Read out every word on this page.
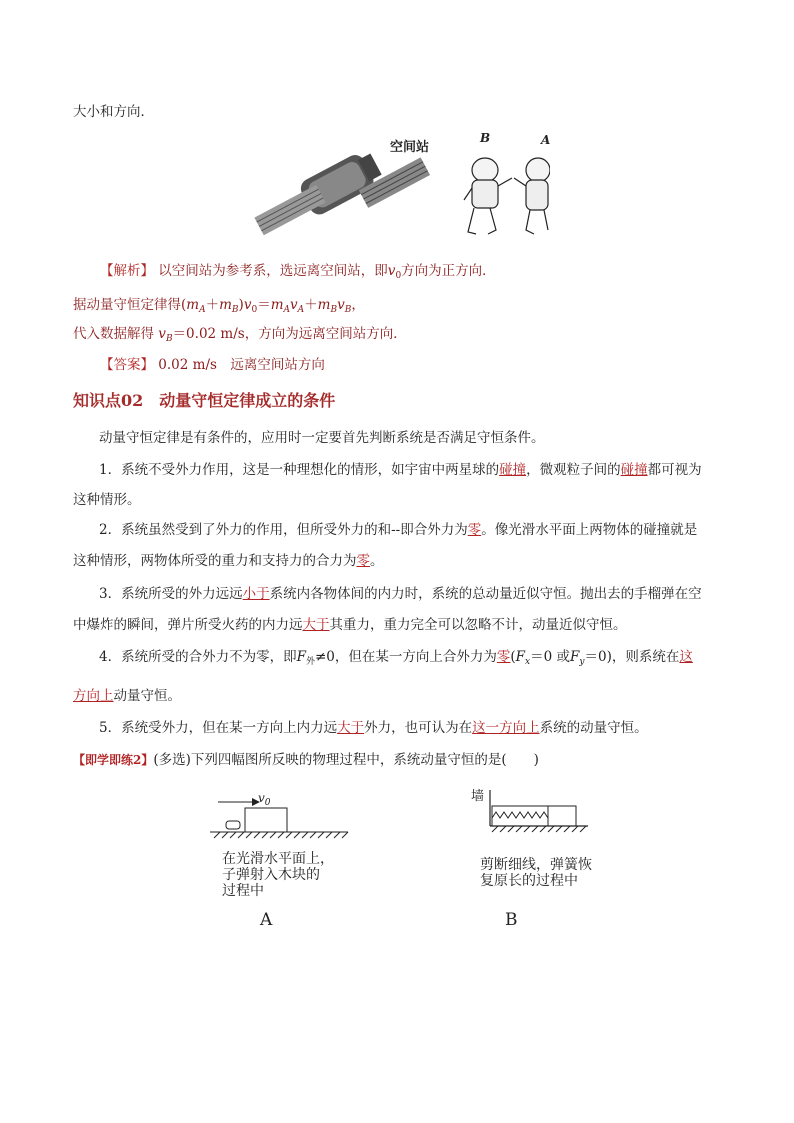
大小和方向．
空间站
B	A
【解析】 以空间站为参考系，选远离空间站，即$v_0$方向为正方向．
据动量守恒定律得$(m_A+m_B)v_0=m_Av_A+m_Bv_B$，
代入数据解得 $v_B=0.02$ m/s，方向为远离空间站方向．
【答案】 0.02 m/s　远离空间站方向
知识点02　动量守恒定律成立的条件
动量守恒定律是有条件的，应用时一定要首先判断系统是否满足守恒条件。
1．系统不受外力作用，这是一种理想化的情形，如宇宙中两星球的碰撞，微观粒子间的碰撞都可视为
这种情形。
2．系统虽然受到了外力的作用，但所受外力的和--即合外力为零。像光滑水平面上两物体的碰撞就是
这种情形，两物体所受的重力和支持力的合力为零。
3．系统所受的外力远远小于系统内各物体间的内力时，系统的总动量近似守恒。抛出去的手榴弹在空
中爆炸的瞬间，弹片所受火药的内力远大于其重力，重力完全可以忽略不计，动量近似守恒。
4．系统所受的合外力不为零，即$F_外\ne 0$，但在某一方向上合外力为零($F_x=0$ 或$F_y=0$)，则系统在这
方向上动量守恒。
5．系统受外力，但在某一方向上内力远大于外力，也可认为在这一方向上系统的动量守恒。
【即学即练2】(多选)下列四幅图所反映的物理过程中，系统动量守恒的是(　　)
$v_0$
在光滑水平面上，
子弹射入木块的
过程中
A
墙
剪断细线，弹簧恢
复原长的过程中
B
